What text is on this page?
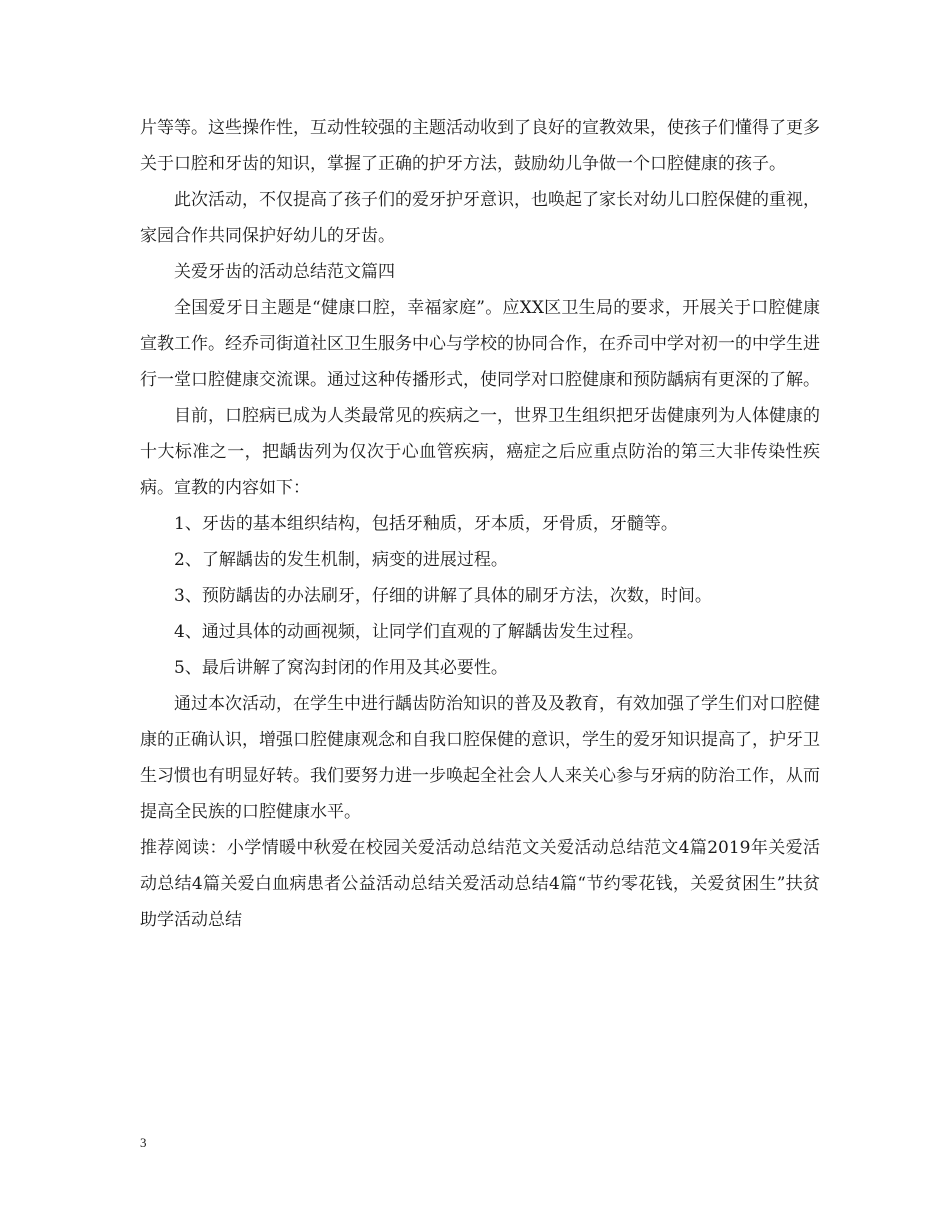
片等等。这些操作性，互动性较强的主题活动收到了良好的宣教效果，使孩子们懂得了更多关于口腔和牙齿的知识，掌握了正确的护牙方法，鼓励幼儿争做一个口腔健康的孩子。

此次活动，不仅提高了孩子们的爱牙护牙意识，也唤起了家长对幼儿口腔保健的重视，家园合作共同保护好幼儿的牙齿。

关爱牙齿的活动总结范文篇四

全国爱牙日主题是“健康口腔，幸福家庭”。应XX区卫生局的要求，开展关于口腔健康宣教工作。经乔司街道社区卫生服务中心与学校的协同合作，在乔司中学对初一的中学生进行一堂口腔健康交流课。通过这种传播形式，使同学对口腔健康和预防龋病有更深的了解。

目前，口腔病已成为人类最常见的疾病之一，世界卫生组织把牙齿健康列为人体健康的十大标准之一，把龋齿列为仅次于心血管疾病，癌症之后应重点防治的第三大非传染性疾病。宣教的内容如下：

1、牙齿的基本组织结构，包括牙釉质，牙本质，牙骨质，牙髓等。

2、了解龋齿的发生机制，病变的进展过程。

3、预防龋齿的办法刷牙，仔细的讲解了具体的刷牙方法，次数，时间。

4、通过具体的动画视频，让同学们直观的了解龋齿发生过程。

5、最后讲解了窝沟封闭的作用及其必要性。

通过本次活动，在学生中进行龋齿防治知识的普及及教育，有效加强了学生们对口腔健康的正确认识，增强口腔健康观念和自我口腔保健的意识，学生的爱牙知识提高了，护牙卫生习惯也有明显好转。我们要努力进一步唤起全社会人人来关心参与牙病的防治工作，从而提高全民族的口腔健康水平。

推荐阅读：小学情暖中秋爱在校园关爱活动总结范文关爱活动总结范文4篇2019年关爱活动总结4篇关爱白血病患者公益活动总结关爱活动总结4篇“节约零花钱，关爱贫困生”扶贫助学活动总结

3
